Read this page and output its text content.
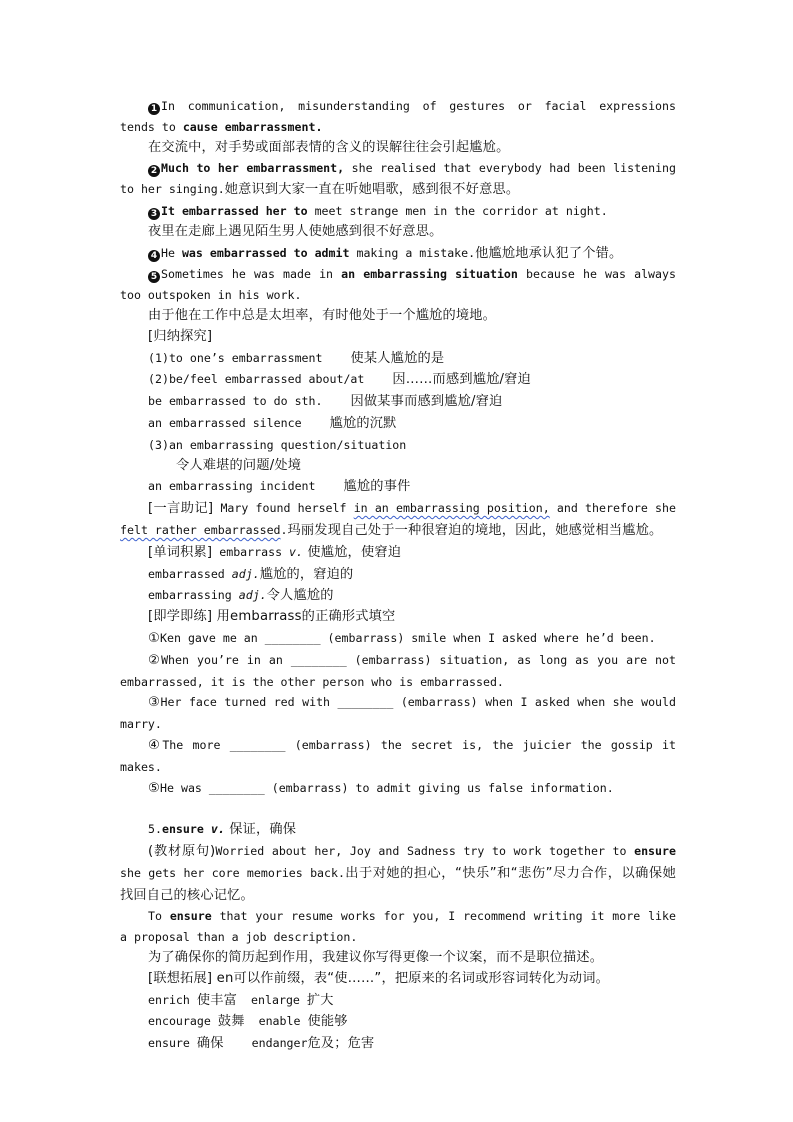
1 In communication, misunderstanding of gestures or facial expressions tends to cause embarrassment.

在交流中，对手势或面部表情的含义的误解往往会引起尴尬。

2 Much to her embarrassment, she realised that everybody had been listening to her singing.她意识到大家一直在听她唱歌，感到很不好意思。

3 It embarrassed her to meet strange men in the corridor at night.

夜里在走廊上遇见陌生男人使她感到很不好意思。

4 He was embarrassed to admit making a mistake.他尴尬地承认犯了个错。

5 Sometimes he was made in an embarrassing situation because he was always too outspoken in his work.

由于他在工作中总是太坦率，有时他处于一个尴尬的境地。

[归纳探究]

(1)to one’s embarrassment 使某人尴尬的是

(2)be/feel embarrassed about/at 因……而感到尴尬/窘迫

be embarrassed to do sth. 因做某事而感到尴尬/窘迫

an embarrassed silence 尴尬的沉默

(3)an embarrassing question/situation

令人难堪的问题/处境

an embarrassing incident 尴尬的事件

[一言助记] Mary found herself in an embarrassing position, and therefore she felt rather embarrassed.玛丽发现自己处于一种很窘迫的境地，因此，她感觉相当尴尬。

[单词积累] embarrass v. 使尴尬，使窘迫

embarrassed adj.尴尬的，窘迫的

embarrassing adj.令人尴尬的

[即学即练] 用embarrass的正确形式填空

①Ken gave me an ________ (embarrass) smile when I asked where he’d been.

②When you’re in an ________ (embarrass) situation, as long as you are not embarrassed, it is the other person who is embarrassed.

③Her face turned red with ________ (embarrass) when I asked when she would marry.

④The more ________ (embarrass) the secret is, the juicier the gossip it makes.

⑤He was ________ (embarrass) to admit giving us false information.

5.ensure v. 保证，确保

(教材原句)Worried about her, Joy and Sadness try to work together to ensure she gets her core memories back.出于对她的担心，“快乐”和“悲伤”尽力合作，以确保她找回自己的核心记忆。

To ensure that your resume works for you, I recommend writing it more like a proposal than a job description.

为了确保你的简历起到作用，我建议你写得更像一个议案，而不是职位描述。

[联想拓展] en可以作前缀，表“使……”，把原来的名词或形容词转化为动词。

enrich 使丰富 enlarge 扩大

encourage 鼓舞 enable 使能够

ensure 确保 endanger危及；危害
